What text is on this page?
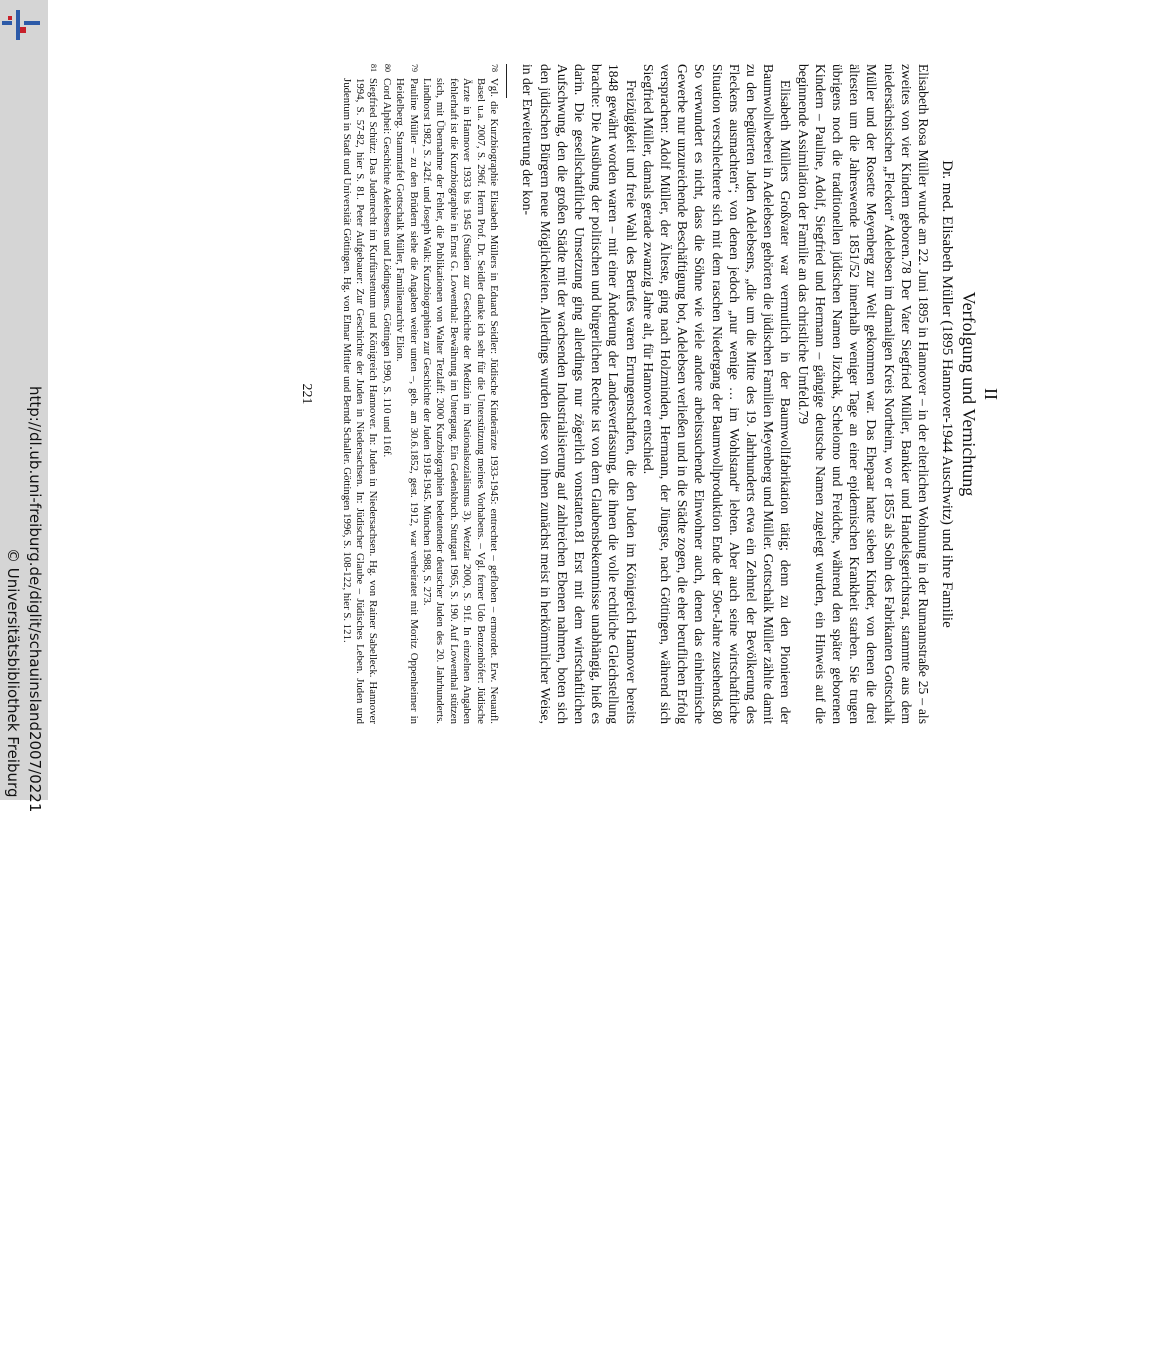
http://dl.ub.uni-freiburg.de/diglit/schauinsland2007/0221
© Universitätsbibliothek Freiburg

II

Verfolgung und Vernichtung

Dr. med. Elisabeth Müller (1895 Hannover-1944 Auschwitz) und ihre Familie

Elisabeth Rosa Müller wurde am 22. Juni 1895 in Hannover – in der elterlichen Wohnung in der Rumannstraße 25 – als zweites von vier Kindern geboren.78 Der Vater Siegfried Müller, Bankier und Handelsgerichtsrat, stammte aus dem niedersächsischen „Flecken“ Adelebsen im damaligen Kreis Northeim, wo er 1855 als Sohn des Fabrikanten Gottschalk Müller und der Rosette Meyenberg zur Welt gekommen war. Das Ehepaar hatte sieben Kinder, von denen die drei ältesten um die Jahreswende 1851/52 innerhalb weniger Tage an einer epidemischen Krankheit starben. Sie trugen übrigens noch die traditionellen jüdischen Namen Jizchak, Schelomo und Freidche, während den später geborenen Kindern – Pauline, Adolf, Siegfried und Hermann – gängige deutsche Namen zugelegt wurden, ein Hinweis auf die beginnende Assimilation der Familie an das christliche Umfeld.79

Elisabeth Müllers Großvater war vermutlich in der Baumwollfabrikation tätig; denn zu den Pionieren der Baumwollweberei in Adelebsen gehörten die jüdischen Familien Meyenberg und Müller. Gottschalk Müller zählte damit zu den begüterten Juden Adelebsens, „die um die Mitte des 19. Jahrhunderts etwa ein Zehntel der Bevölkerung des Fleckens ausmachten“; von denen jedoch „nur wenige … im Wohlstand“ lebten. Aber auch seine wirtschaftliche Situation verschlechterte sich mit dem raschen Niedergang der Baumwollproduktion Ende der 50er-Jahre zusehends.80 So verwundert es nicht, dass die Söhne wie viele andere arbeitssuchende Einwohner auch, denen das einheimische Gewerbe nur unzureichende Beschäftigung bot, Adelebsen verließen und in die Städte zogen, die eher beruflichen Erfolg versprachen: Adolf Müller, der Älteste, ging nach Holzminden, Hermann, der Jüngste, nach Göttingen, während sich Siegfried Müller, damals gerade zwanzig Jahre alt, für Hannover entschied.

Freizügigkeit und freie Wahl des Berufes waren Errungenschaften, die den Juden im Königreich Hannover bereits 1848 gewährt worden waren – mit einer Änderung der Landesverfassung, die ihnen die volle rechtliche Gleichstellung brachte: Die Ausübung der politischen und bürgerlichen Rechte ist von dem Glaubensbekenntnisse unabhängig, hieß es darin. Die gesellschaftliche Umsetzung ging allerdings nur zögerlich vonstatten.81 Erst mit dem wirtschaftlichen Aufschwung, den die großen Städte mit der wachsenden Industrialisierung auf zahlreichen Ebenen nahmen, boten sich den jüdischen Bürgern neue Möglichkeiten. Allerdings wurden diese von ihnen zunächst meist in herkömmlicher Weise, in der Erweiterung der kon-

78
Vgl. die Kurzbiographie Elisabeth Müllers in Eduard Seidler: Jüdische Kinderärzte 1933-1945: entrechtet – geflohen – ermordet. Erw. Neuaufl. Basel u.a. 2007, S. 296f. Herrn Prof. Dr. Seidler danke ich sehr für die Unterstützung meines Vorhabens. – Vgl. ferner Udo Benzenhöfer: Jüdische Ärzte in Hannover 1933 bis 1945 (Studien zur Geschichte der Medizin im Nationalsozialismus 3). Wetzlar 2000, S. 91f. In einzelnen Angaben fehlerhaft ist die Kurzbiographie in Ernst G. Lowenthal: Bewährung im Untergang. Ein Gedenkbuch. Stuttgart 1965, S. 190. Auf Lowenthal stützen sich, mit Übernahme der Fehler, die Publikationen von Walter Tetzlaff: 2000 Kurzbiographien bedeutender deutscher Juden des 20. Jahrhunderts. Lindhorst 1982, S. 242f. und Joseph Walk: Kurzbiographien zur Geschichte der Juden 1918-1945. München 1988, S. 273.

79
Pauline Müller – zu den Brüdern siehe die Angaben weiter unten –, geb. am 30.6.1852, gest. 1912, war verheiratet mit Moritz Oppenheimer in Heidelberg. Stammtafel Gottschalk Müller, Familienarchiv Elion.

80
Cord Alphei: Geschichte Adelebsens und Lödingsens. Göttingen 1990, S. 110 und 116f.

81
Siegfried Schütz: Das Judenrecht im Kurfürstentum und Königreich Hannover. In: Juden in Niedersachsen. Hg. von Rainer Sabelleck. Hannover 1994, S. 57-82, hier S. 81. Peter Aufgebauer: Zur Geschichte der Juden in Niedersachsen. In: Jüdischer Glaube – Jüdisches Leben. Juden und Judentum in Stadt und Universität Göttingen. Hg. von Elmar Mittler und Berndt Schaller. Göttingen 1996, S. 108-122, hier S. 121.

221
